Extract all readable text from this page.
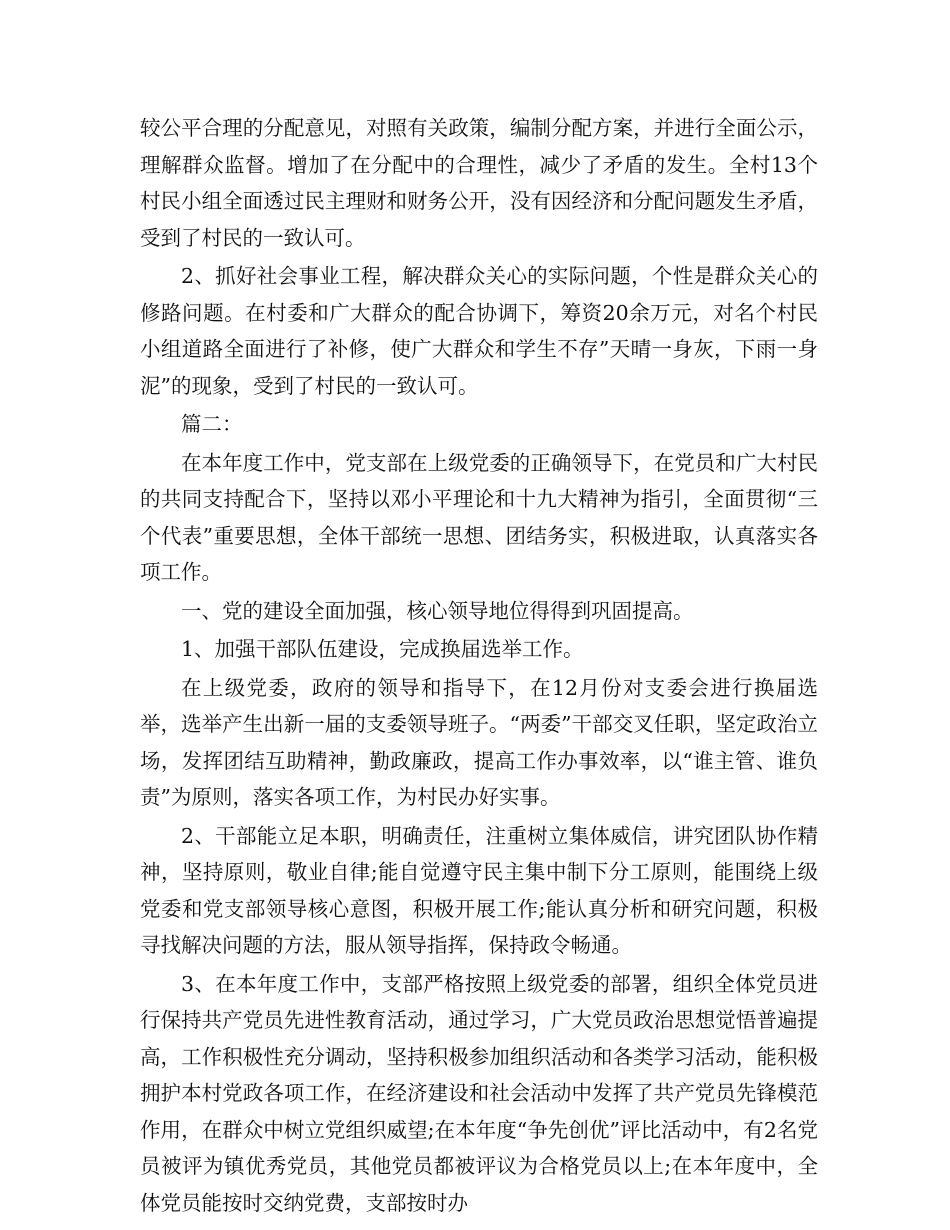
较公平合理的分配意见，对照有关政策，编制分配方案，并进行全面公示，理解群众监督。增加了在分配中的合理性，减少了矛盾的发生。全村13个村民小组全面透过民主理财和财务公开，没有因经济和分配问题发生矛盾，受到了村民的一致认可。

2、抓好社会事业工程，解决群众关心的实际问题，个性是群众关心的修路问题。在村委和广大群众的配合协调下，筹资20余万元，对名个村民小组道路全面进行了补修，使广大群众和学生不存”天晴一身灰，下雨一身泥”的现象，受到了村民的一致认可。

篇二：

在本年度工作中，党支部在上级党委的正确领导下，在党员和广大村民的共同支持配合下，坚持以邓小平理论和十九大精神为指引，全面贯彻“三个代表”重要思想，全体干部统一思想、团结务实，积极进取，认真落实各项工作。

一、党的建设全面加强，核心领导地位得得到巩固提高。

1、加强干部队伍建设，完成换届选举工作。

在上级党委，政府的领导和指导下，在12月份对支委会进行换届选举，选举产生出新一届的支委领导班子。“两委”干部交叉任职，坚定政治立场，发挥团结互助精神，勤政廉政，提高工作办事效率，以“谁主管、谁负责”为原则，落实各项工作，为村民办好实事。

2、干部能立足本职，明确责任，注重树立集体威信，讲究团队协作精神，坚持原则，敬业自律;能自觉遵守民主集中制下分工原则，能围绕上级党委和党支部领导核心意图，积极开展工作;能认真分析和研究问题，积极寻找解决问题的方法，服从领导指挥，保持政令畅通。

3、在本年度工作中，支部严格按照上级党委的部署，组织全体党员进行保持共产党员先进性教育活动，通过学习，广大党员政治思想觉悟普遍提高，工作积极性充分调动，坚持积极参加组织活动和各类学习活动，能积极拥护本村党政各项工作，在经济建设和社会活动中发挥了共产党员先锋模范作用，在群众中树立党组织威望;在本年度“争先创优”评比活动中，有2名党员被评为镇优秀党员，其他党员都被评议为合格党员以上;在本年度中，全体党员能按时交纳党费，支部按时办
